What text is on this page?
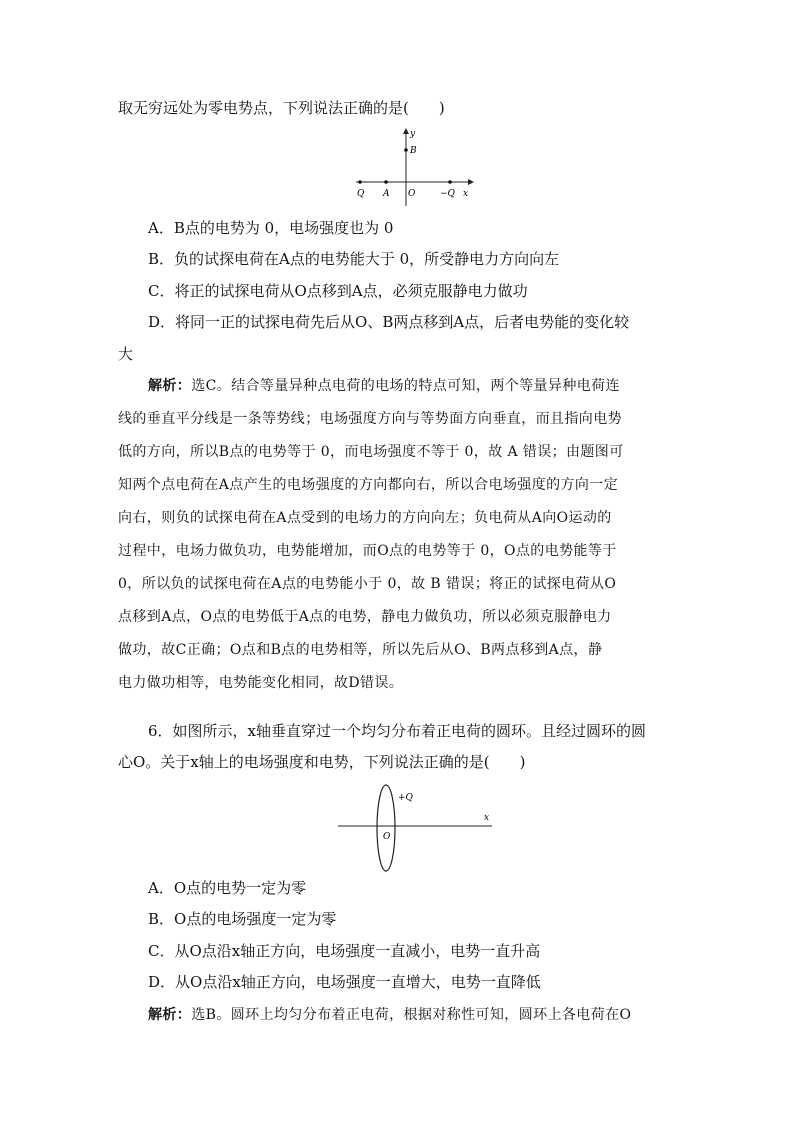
取无穷远处为零电势点，下列说法正确的是(　　)
y
B
Q A O	−Q x
A．B点的电势为 0，电场强度也为 0
B．负的试探电荷在A点的电势能大于 0，所受静电力方向向左
C．将正的试探电荷从O点移到A点，必须克服静电力做功
D．将同一正的试探电荷先后从O、B两点移到A点，后者电势能的变化较
大
解析：选C。结合等量异种点电荷的电场的特点可知，两个等量异种电荷连
线的垂直平分线是一条等势线；电场强度方向与等势面方向垂直，而且指向电势
低的方向，所以B点的电势等于 0，而电场强度不等于 0，故 A 错误；由题图可
知两个点电荷在A点产生的电场强度的方向都向右，所以合电场强度的方向一定
向右，则负的试探电荷在A点受到的电场力的方向向左；负电荷从A向O运动的
过程中，电场力做负功，电势能增加，而O点的电势等于 0，O点的电势能等于
0，所以负的试探电荷在A点的电势能小于 0，故 B 错误；将正的试探电荷从O
点移到A点，O点的电势低于A点的电势，静电力做负功，所以必须克服静电力
做功，故C正确；O点和B点的电势相等，所以先后从O、B两点移到A点，静
电力做功相等，电势能变化相同，故D错误。
6．如图所示，x轴垂直穿过一个均匀分布着正电荷的圆环。且经过圆环的圆
心O。关于x轴上的电场强度和电势，下列说法正确的是(　　)
+Q
x
O
A．O点的电势一定为零
B．O点的电场强度一定为零
C．从O点沿x轴正方向，电场强度一直减小，电势一直升高
D．从O点沿x轴正方向，电场强度一直增大，电势一直降低
解析：选B。圆环上均匀分布着正电荷，根据对称性可知，圆环上各电荷在O
